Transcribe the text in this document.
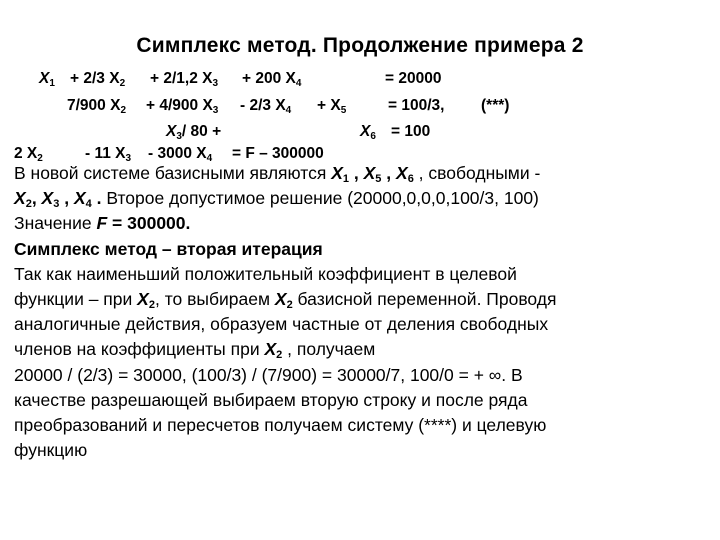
Симплекс метод. Продолжение примера 2
$X_1 + 2/3$ $X_2 + 2/1,2$ $X_3 + 200$ $X_4$	= 20000
7/900 $X_2 + 4/900$ $X_3 - 2/3$ $X_4 + X_5$	= 100/3, (***)
$X_3/$ 80 +	$X_6 = 100$
2 $X_2$	- 11 $X_3 - 3000$ $X_4 = F - 300000$
В новой системе базисными являются $X_1$ , $X_5$ , $X_6$ , свободными -
$X_2$, $X_3$ , $X_4$ . Второе допустимое решение (20000,0,0,0,100/3, 100)
Значение F = 300000.
Симплекс метод – вторая итерация
Так как наименьший положительный коэффициент в целевой
функции – при $X_2$, то выбираем $X_2$ базисной переменной. Проводя
аналогичные действия, образуем частные от деления свободных
членов на коэффициенты при $X_2$ , получаем
20000 / (2/3) = 30000, (100/3) / (7/900) = 30000/7, 100/0 = + ∞. В
качестве разрешающей выбираем вторую строку и после ряда
преобразований и пересчетов получаем систему (****) и целевую
функцию
